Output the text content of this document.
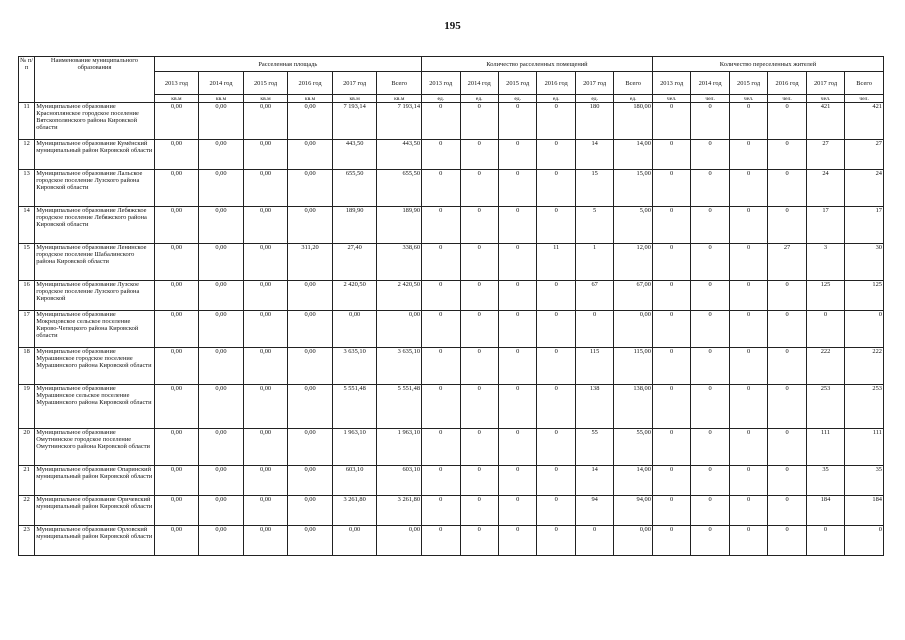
195
№ п/п	Наименование муниципального образования	Расселенная площадь						Количество расселенных помещений						Количество переселенных жителей					
		2013 год	2014 год	2015 год	2016 год	2017 год	Всего	2013 год	2014 год	2015 год	2016 год	2017 год	Всего	2013 год	2014 год	2015 год	2016 год	2017 год	Всего
		кв.м	кв.м	кв.м	кв.м	кв.м	кв.м	ед.	ед.	ед.	ед.	ед.	ед.	чел.	чел.	чел.	чел.	чел.	чел.
11	Муниципальное образование Красноплянское городское поселение Вятскополянского района Кировской области	0,00	0,00	0,00	0,00	7 193,14	7 193,14	0	0	0	0	180	180,00	0	0	0	0	421	421
12	Муниципальное образование Кумёнский муниципальный район Кировской области	0,00	0,00	0,00	0,00	443,50	443,50	0	0	0	0	14	14,00	0	0	0	0	27	27
13	Муниципальное образование Лальское городское поселение Лузского района Кировской области	0,00	0,00	0,00	0,00	655,50	655,50	0	0	0	0	15	15,00	0	0	0	0	24	24
14	Муниципальное образование Лебяжское городское поселение Лебяжского района Кировской области	0,00	0,00	0,00	0,00	189,90	189,90	0	0	0	0	5	5,00	0	0	0	0	17	17
15	Муниципальное образование Ленинское городское поселение Шабалинского района Кировской области	0,00	0,00	0,00	311,20	27,40	338,60	0	0	0	11	1	12,00	0	0	0	27	3	30
16	Муниципальное образование Лузское городское поселение Лузского района Кировской	0,00	0,00	0,00	0,00	2 420,50	2 420,50	0	0	0	0	67	67,00	0	0	0	0	125	125
17	Муниципальное образование Мокрецовское сельское поселение Кирово-Чепецкого района Кировской области	0,00	0,00	0,00	0,00	0,00	0,00	0	0	0	0	0	0,00	0	0	0	0	0	0
18	Муниципальное образование Мурашинское городское поселение Мурашинского района Кировской области	0,00	0,00	0,00	0,00	3 635,10	3 635,10	0	0	0	0	115	115,00	0	0	0	0	222	222
19	Муниципальное образование Мурашинское сельское поселение Мурашинского района Кировской области	0,00	0,00	0,00	0,00	5 551,48	5 551,48	0	0	0	0	138	138,00	0	0	0	0	253	253
20	Муниципальное образование Омутнинское городское поселение Омутнинского района Кировской области	0,00	0,00	0,00	0,00	1 963,10	1 963,10	0	0	0	0	55	55,00	0	0	0	0	111	111
21	Муниципальное образование Опаринский муниципальный район Кировской области	0,00	0,00	0,00	0,00	603,10	603,10	0	0	0	0	14	14,00	0	0	0	0	35	35
22	Муниципальное образование Оричевский муниципальный район Кировской области	0,00	0,00	0,00	0,00	3 261,80	3 261,80	0	0	0	0	94	94,00	0	0	0	0	184	184
23	Муниципальное образование Орловский муниципальный район Кировской области	0,00	0,00	0,00	0,00	0,00	0,00	0	0	0	0	0	0,00	0	0	0	0	0	0
